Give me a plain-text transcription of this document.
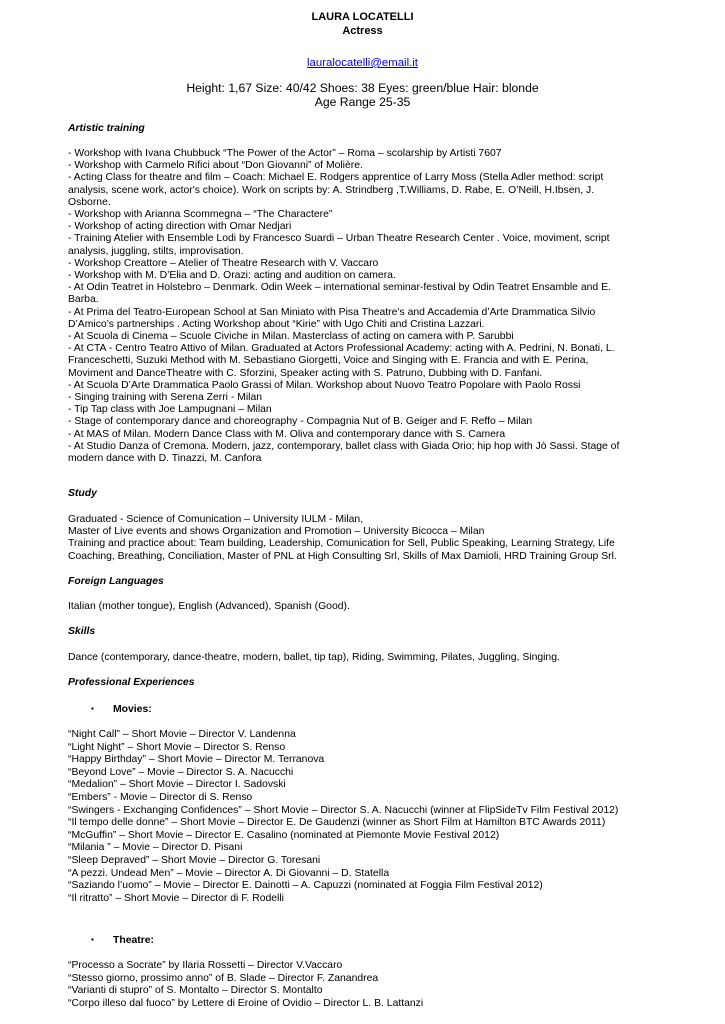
LAURA LOCATELLI
Actress
lauralocatelli@email.it
Height: 1,67 Size: 40/42 Shoes: 38 Eyes: green/blue Hair: blonde
Age Range 25-35
Artistic training
- Workshop with Ivana Chubbuck “The Power of the Actor” – Roma – scolarship by Artisti 7607
- Workshop with Carmelo Rifici about “Don Giovanni” of Molière.
- Acting Class for theatre and film – Coach: Michael E. Rodgers apprentice of Larry Moss (Stella Adler method: script
analysis, scene work, actor's choice). Work on scripts by: A. Strindberg ,T.Williams, D. Rabe, E. O’Neill, H.Ibsen, J.
Osborne.
- Workshop with Arianna Scommegna – “The Charactere”
- Workshop of acting direction with Omar Nedjari
- Training Atelier with Ensemble Lodi by Francesco Suardi – Urban Theatre Research Center . Voice, moviment, script
analysis, juggling, stilts, improvisation.
- Workshop Creattore – Atelier of Theatre Research with V. Vaccaro
- Workshop with M. D’Elia and D. Orazi: acting and audition on camera.
- At Odin Teatret in Holstebro – Denmark. Odin Week – international seminar-festival by Odin Teatret Ensamble and E.
Barba.
- At Prima del Teatro-European School at San Miniato with Pisa Theatre’s and Accademia d’Arte Drammatica Silvio
D’Amico’s partnerships . Acting Workshop about “Kirie” with Ugo Chiti and Cristina Lazzari.
- At Scuola di Cinema – Scuole Civiche in Milan. Masterclass of acting on camera with P. Sarubbi
- At CTA - Centro Teatro Attivo of Milan. Graduated at Actors Professional Academy: acting with A. Pedrini, N. Bonati, L.
Franceschetti, Suzuki Method with M. Sebastiano Giorgetti, Voice and Singing with E. Francia and with E. Perina,
Moviment and DanceTheatre with C. Sforzini, Speaker acting with S. Patruno, Dubbing with D. Fanfani.
- At Scuola D’Arte Drammatica Paolo Grassi of Milan. Workshop about Nuovo Teatro Popolare with Paolo Rossi
- Singing training with Serena Zerri - Milan
- Tip Tap class with Joe Lampugnani – Milan
- Stage of contemporary dance and choreography - Compagnia Nut of B. Geiger and F. Reffo – Milan
- At MAS of Milan. Modern Dance Class with M. Oliva and contemporary dance with S. Camera
- At Studio Danza of Cremona. Modern, jazz, contemporary, ballet class with Giada Orio; hip hop with Jò Sassi. Stage of
modern dance with D. Tinazzi, M. Canfora
Study
Graduated - Science of Comunication – University IULM - Milan,
Master of Live events and shows Organization and Promotion – University Bicocca – Milan
Training and practice about: Team building, Leadership, Comunication for Sell, Public Speaking, Learning Strategy, Life
Coaching, Breathing, Conciliation, Master of PNL at High Consulting Srl, Skills of Max Damioli, HRD Training Group Srl.
Foreign Languages
Italian (mother tongue), English (Advanced), Spanish (Good).
Skills
Dance (contemporary, dance-theatre, modern, ballet, tip tap), Riding, Swimming, Pilates, Juggling, Singing.
Professional Experiences
▪ Movies:
“Night Call” – Short Movie – Director V. Landenna
“Light Night” – Short Movie – Director S. Renso
“Happy Birthday” – Short Movie – Director M. Terranova
“Beyond Love” – Movie – Director S. A. Nacucchi
“Medalion” – Short Movie – Director I. Sadovski
“Embers” - Movie – Director di S. Renso
“Swingers - Exchanging Confidences” – Short Movie – Director S. A. Nacucchi (winner at FlipSideTv Film Festival 2012)
“Il tempo delle donne” – Short Movie – Director E. De Gaudenzi (winner as Short Film at Hamilton BTC Awards 2011)
“McGuffin” – Short Movie – Director E. Casalino (nominated at Piemonte Movie Festival 2012)
“Milania ” – Movie – Director D. Pisani
“Sleep Depraved” – Short Movie – Director G. Toresani
“A pezzi. Undead Men” – Movie – Director A. Di Giovanni – D. Statella
“Saziando l’uomo” – Movie – Director E. Dainotti – A. Capuzzi (nominated at Foggia Film Festival 2012)
“Il ritratto” – Short Movie – Director di F. Rodelli
▪ Theatre:
“Processo a Socrate” by Ilaria Rossetti – Director V.Vaccaro
“Stesso giorno, prossimo anno” of B. Slade – Director F. Zanandrea
“Varianti di stupro” of S. Montalto – Director S. Montalto
“Corpo illeso dal fuoco” by Lettere di Eroine of Ovidio – Director L. B. Lattanzi
